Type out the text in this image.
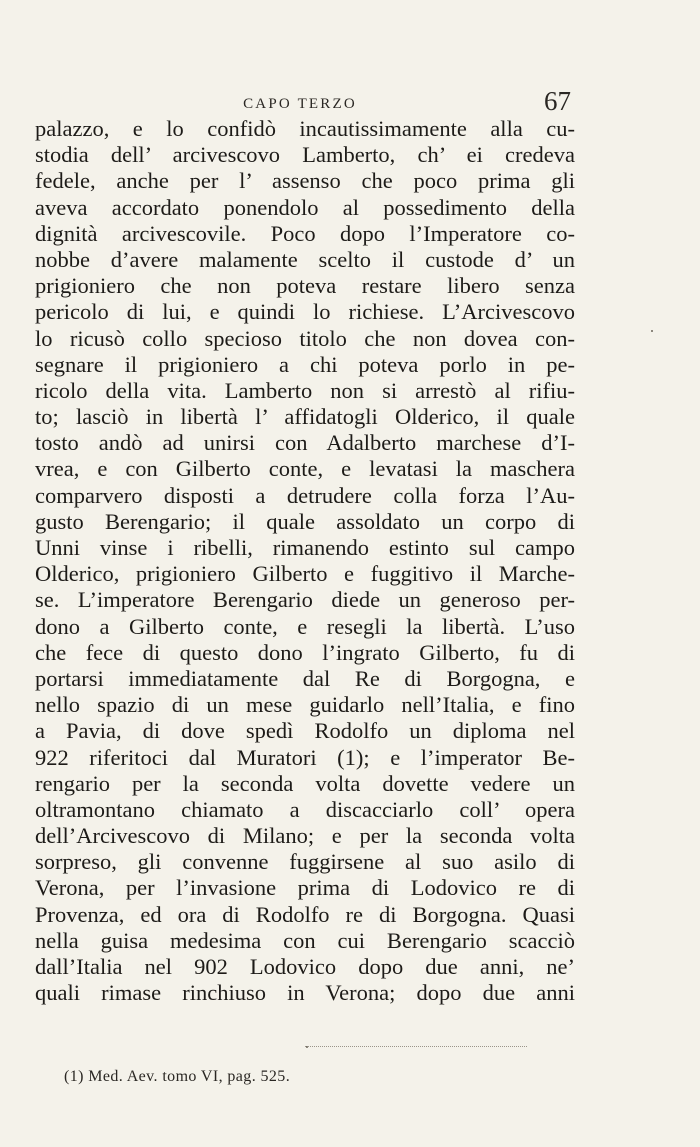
CAPO TERZO	67
palazzo, e lo confidò incautissimamente alla cu-
stodia dell’ arcivescovo Lamberto, ch’ ei credeva
fedele, anche per l’ assenso che poco prima gli
aveva accordato ponendolo al possedimento della
dignità arcivescovile. Poco dopo l’Imperatore co-
nobbe d’avere malamente scelto il custode d’ un
prigioniero che non poteva restare libero senza
pericolo di lui, e quindi lo richiese. L’Arcivescovo
lo ricusò collo specioso titolo che non dovea con-
segnare il prigioniero a chi poteva porlo in pe-
ricolo della vita. Lamberto non si arrestò al rifiu-
to; lasciò in libertà l’ affidatogli Olderico, il quale
tosto andò ad unirsi con Adalberto marchese d’I-
vrea, e con Gilberto conte, e levatasi la maschera
comparvero disposti a detrudere colla forza l’Au-
gusto Berengario; il quale assoldato un corpo di
Unni vinse i ribelli, rimanendo estinto sul campo
Olderico, prigioniero Gilberto e fuggitivo il Marche-
se. L’imperatore Berengario diede un generoso per-
dono a Gilberto conte, e resegli la libertà. L’uso
che fece di questo dono l’ingrato Gilberto, fu di
portarsi immediatamente dal Re di Borgogna, e
nello spazio di un mese guidarlo nell’Italia, e fino
a Pavia, di dove spedì Rodolfo un diploma nel
922 riferitoci dal Muratori (1); e l’imperator Be-
rengario per la seconda volta dovette vedere un
oltramontano chiamato a discacciarlo coll’ opera
dell’Arcivescovo di Milano; e per la seconda volta
sorpreso, gli convenne fuggirsene al suo asilo di
Verona, per l’invasione prima di Lodovico re di
Provenza, ed ora di Rodolfo re di Borgogna. Quasi
nella guisa medesima con cui Berengario scacciò
dall’Italia nel 902 Lodovico dopo due anni, ne’
quali rimase rinchiuso in Verona; dopo due anni
(1) Med. Aev. tomo VI, pag. 525.
